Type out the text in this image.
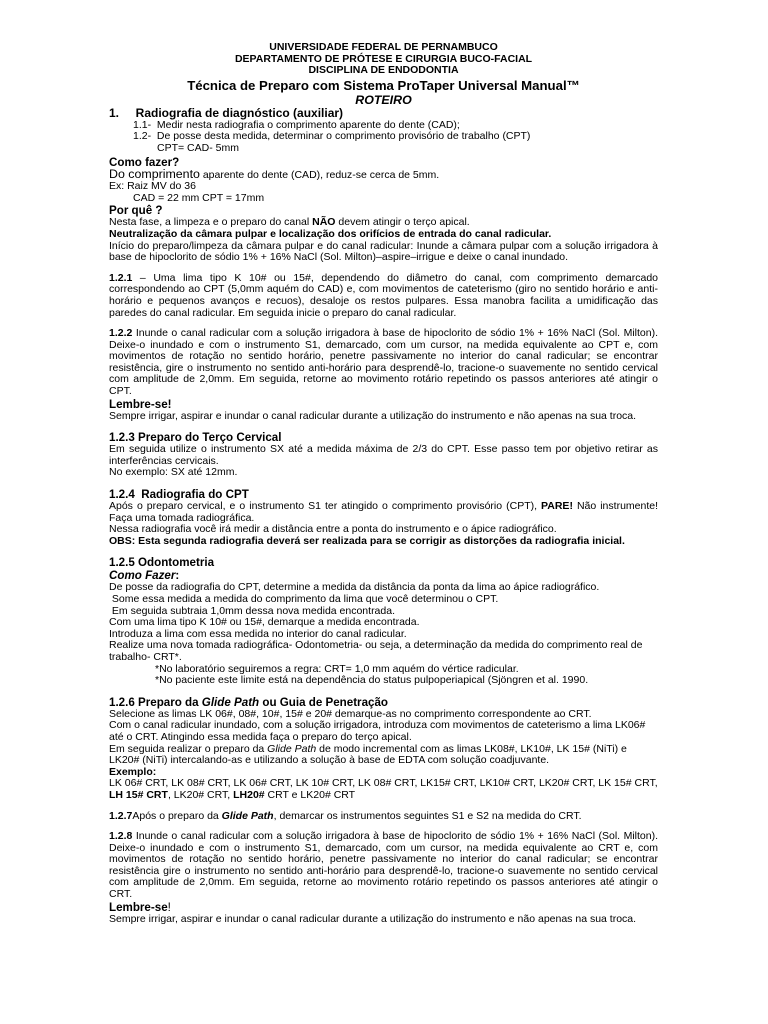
UNIVERSIDADE FEDERAL DE PERNAMBUCO
DEPARTAMENTO DE PRÓTESE E CIRURGIA BUCO-FACIAL
DISCIPLINA DE ENDODONTIA
Técnica de Preparo com Sistema ProTaper Universal Manual™
ROTEIRO
1.     Radiografia de diagnóstico (auxiliar)

1.1-  Medir nesta radiografia o comprimento aparente do dente (CAD);

1.2-  De posse desta medida, determinar o comprimento provisório de trabalho (CPT)

CPT= CAD- 5mm

Como fazer?

Do comprimento aparente do dente (CAD), reduz-se cerca de 5mm.

Ex: Raiz MV do 36

CAD = 22 mm CPT = 17mm

Por quê ?

Nesta fase, a limpeza e o preparo do canal NÃO devem atingir o terço apical.

Neutralização da câmara pulpar e localização dos orifícios de entrada do canal radicular.

Início do preparo/limpeza da câmara pulpar e do canal radicular: Inunde a câmara pulpar com a solução irrigadora à base de hipoclorito de sódio 1% + 16% NaCl (Sol. Milton)–aspire–irrigue e deixe o canal inundado.

1.2.1 – Uma lima tipo K 10# ou 15#, dependendo do diâmetro do canal, com comprimento demarcado correspondendo ao CPT (5,0mm aquém do CAD) e, com movimentos de cateterismo (giro no sentido horário e anti-horário e pequenos avanços e recuos), desaloje os restos pulpares. Essa manobra facilita a umidificação das paredes do canal radicular. Em seguida inicie o preparo do canal radicular.

1.2.2 Inunde o canal radicular com a solução irrigadora à base de hipoclorito de sódio 1% + 16% NaCl (Sol. Milton). Deixe-o inundado e com o instrumento S1, demarcado, com um cursor, na medida equivalente ao CPT e, com movimentos de rotação no sentido horário, penetre passivamente no interior do canal radicular; se encontrar resistência, gire o instrumento no sentido anti-horário para desprendê-lo, tracione-o suavemente no sentido cervical com amplitude de 2,0mm. Em seguida, retorne ao movimento rotário repetindo os passos anteriores até atingir o CPT.

Lembre-se!

Sempre irrigar, aspirar e inundar o canal radicular durante a utilização do instrumento e não apenas na sua troca.

1.2.3 Preparo do Terço Cervical

Em seguida utilize o instrumento SX até a medida máxima de 2/3 do CPT. Esse passo tem por objetivo retirar as interferências cervicais.

No exemplo: SX até 12mm.

1.2.4  Radiografia do CPT

Após o preparo cervical, e o instrumento S1 ter atingido o comprimento provisório (CPT), PARE! Não instrumente! Faça uma tomada radiográfica.

Nessa radiografia você irá medir a distância entre a ponta do instrumento e o ápice radiográfico.

OBS: Esta segunda radiografia deverá ser realizada para se corrigir as distorções da radiografia inicial.

1.2.5 Odontometria

Como Fazer:

De posse da radiografia do CPT, determine a medida da distância da ponta da lima ao ápice radiográfico.

Some essa medida a medida do comprimento da lima que você determinou o CPT.

Em seguida subtraia 1,0mm dessa nova medida encontrada.

Com uma lima tipo K 10# ou 15#, demarque a medida encontrada.

Introduza a lima com essa medida no interior do canal radicular.

Realize uma nova tomada radiográfica- Odontometria- ou seja, a determinação da medida do comprimento real de trabalho- CRT*.

*No laboratório seguiremos a regra: CRT= 1,0 mm aquém do vértice radicular.

*No paciente este limite está na dependência do status pulpoperiapical (Sjöngren et al. 1990.

1.2.6 Preparo da Glide Path ou Guia de Penetração

Selecione as limas LK 06#, 08#, 10#, 15# e 20# demarque-as no comprimento correspondente ao CRT.

Com o canal radicular inundado, com a solução irrigadora, introduza com movimentos de cateterismo a lima LK06# até o CRT. Atingindo essa medida faça o preparo do terço apical.

Em seguida realizar o preparo da Glide Path de modo incremental com as limas LK08#, LK10#, LK 15# (NiTi) e LK20# (NiTi) intercalando-as e utilizando a solução à base de EDTA com solução coadjuvante.

Exemplo:

LK 06# CRT, LK 08# CRT, LK 06# CRT, LK 10# CRT, LK 08# CRT, LK15# CRT, LK10# CRT, LK20# CRT, LK 15# CRT, LH 15# CRT, LK20# CRT, LH20# CRT e LK20# CRT

1.2.7Após o preparo da Glide Path, demarcar os instrumentos seguintes S1 e S2 na medida do CRT.

1.2.8 Inunde o canal radicular com a solução irrigadora à base de hipoclorito de sódio 1% + 16% NaCl (Sol. Milton). Deixe-o inundado e com o instrumento S1, demarcado, com um cursor, na medida equivalente ao CRT e, com movimentos de rotação no sentido horário, penetre passivamente no interior do canal radicular; se encontrar resistência gire o instrumento no sentido anti-horário para desprendê-lo, tracione-o suavemente no sentido cervical com amplitude de 2,0mm. Em seguida, retorne ao movimento rotário repetindo os passos anteriores até atingir o CRT.

Lembre-se!

Sempre irrigar, aspirar e inundar o canal radicular durante a utilização do instrumento e não apenas na sua troca.
